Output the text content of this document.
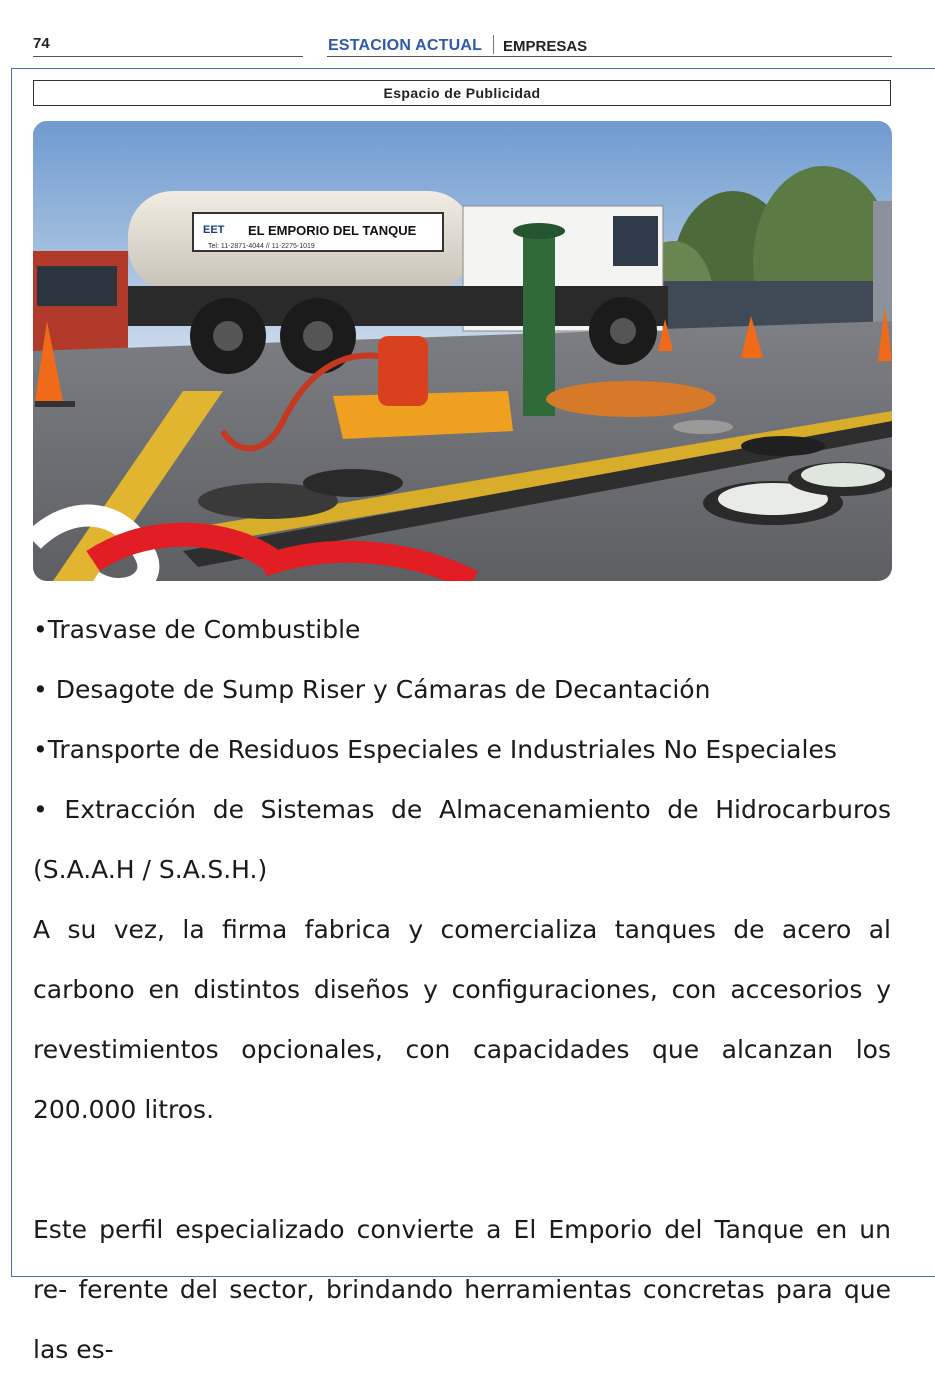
74	ESTACION ACTUAL EMPRESAS
Espacio de Publicidad
EET EL EMPORIO DEL TANQUE
Tel: 11-2871-4044 // 11-2275-1019

•Trasvase de Combustible

• Desagote de Sump Riser y Cámaras de Decantación

•Transporte de Residuos Especiales e Industriales No Especiales

• Extracción de Sistemas de Almacenamiento de Hidrocarburos (S.A.A.H / S.A.S.H.)

A su vez, la firma fabrica y comercializa tanques de acero al carbono en distintos diseños y configuraciones, con accesorios y revestimientos opcionales, con capacidades que alcanzan los 200.000 litros.

Este perfil especializado convierte a El Emporio del Tanque en un re- ferente del sector, brindando herramientas concretas para que las es-
